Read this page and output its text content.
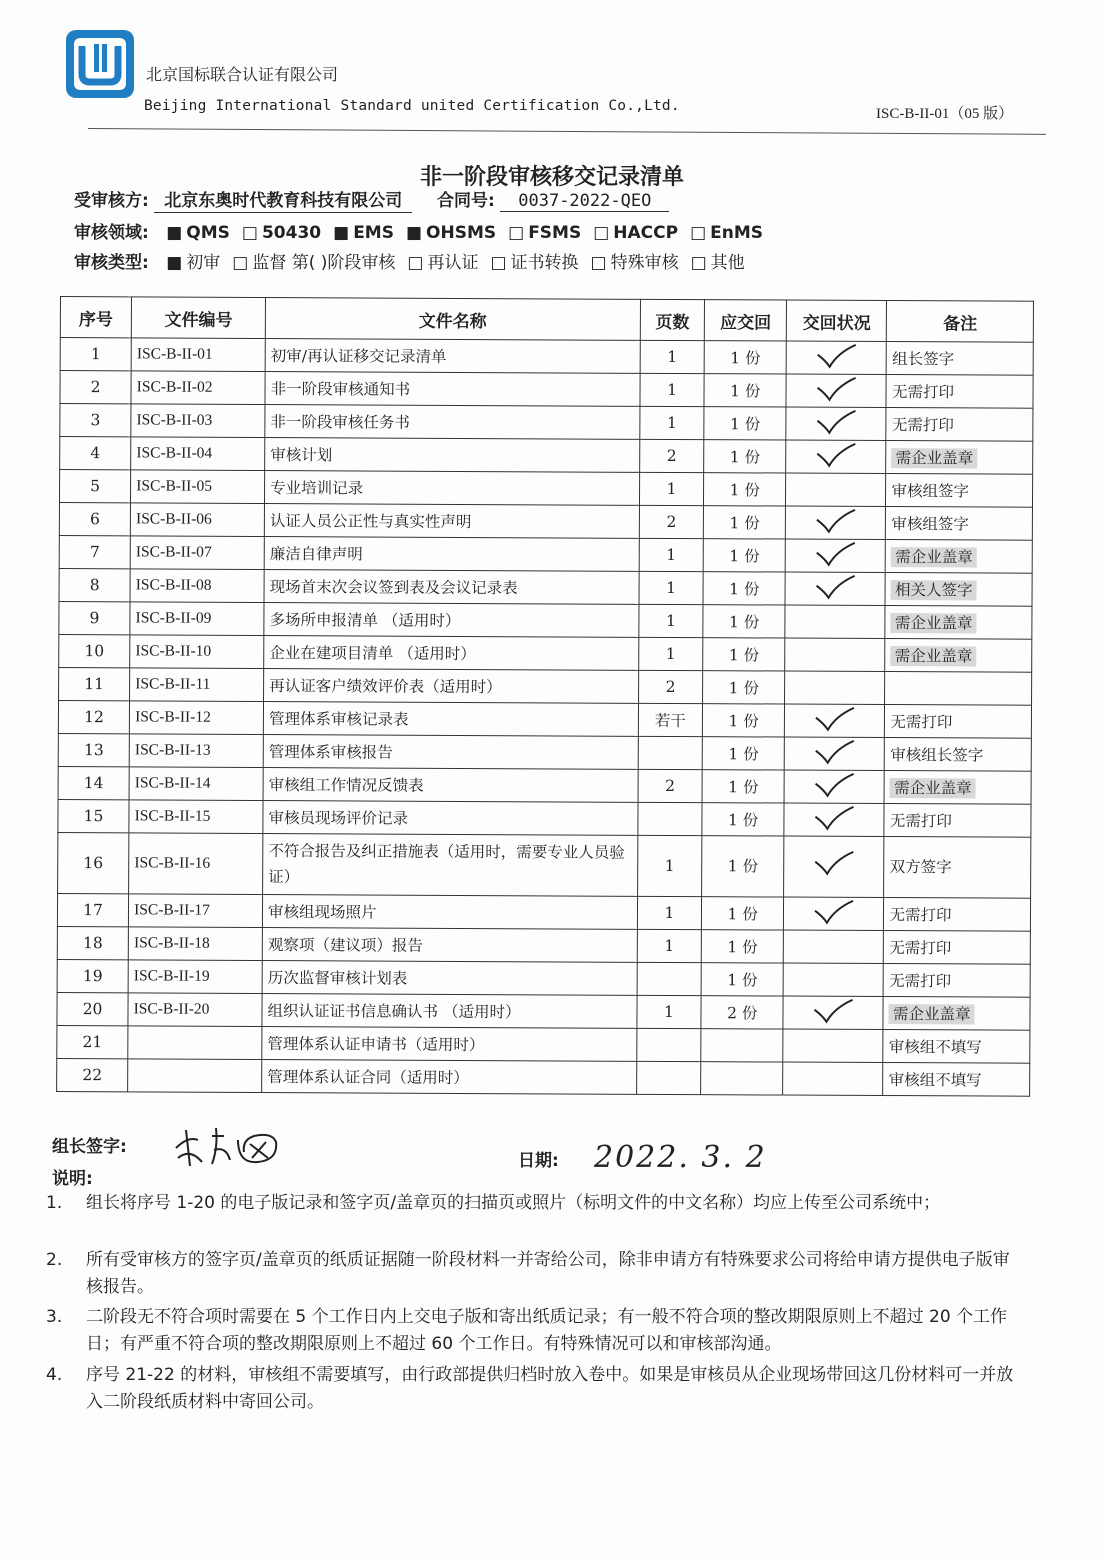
北京国标联合认证有限公司
Beijing International Standard united Certification Co.,Ltd.	ISC-B-II-01（05 版）
非一阶段审核移交记录清单
受审核方: 北京东奥时代教育科技有限公司 合同号: 0037-2022-QEO
审核领域: ■ QMS □ 50430 ■ EMS ■ OHSMS □ FSMS □ HACCP □ EnMS
审核类型: ■ 初审 □ 监督 第( )阶段审核 □ 再认证 □ 证书转换 □ 特殊审核 □ 其他
序号	文件编号	文件名称	页数	应交回	交回状况	备注
1	ISC-B-II-01	初审/再认证移交记录清单	1	1 份		组长签字
2	ISC-B-II-02	非一阶段审核通知书	1	1 份		无需打印
3	ISC-B-II-03	非一阶段审核任务书	1	1 份		无需打印
4	ISC-B-II-04	审核计划	2	1 份		需企业盖章
5	ISC-B-II-05	专业培训记录	1	1 份		审核组签字
6	ISC-B-II-06	认证人员公正性与真实性声明	2	1 份		审核组签字
7	ISC-B-II-07	廉洁自律声明	1	1 份		需企业盖章
8	ISC-B-II-08	现场首末次会议签到表及会议记录表	1	1 份		相关人签字
9	ISC-B-II-09	多场所申报清单 （适用时）	1	1 份		需企业盖章
10	ISC-B-II-10	企业在建项目清单 （适用时）	1	1 份		需企业盖章
11	ISC-B-II-11	再认证客户绩效评价表（适用时）	2	1 份		
12	ISC-B-II-12	管理体系审核记录表	若干	1 份		无需打印
13	ISC-B-II-13	管理体系审核报告		1 份		审核组长签字
14	ISC-B-II-14	审核组工作情况反馈表	2	1 份		需企业盖章
15	ISC-B-II-15	审核员现场评价记录		1 份		无需打印
16	ISC-B-II-16	不符合报告及纠正措施表（适用时，需要专业人员验证）	1	1 份		双方签字
17	ISC-B-II-17	审核组现场照片	1	1 份		无需打印
18	ISC-B-II-18	观察项（建议项）报告	1	1 份		无需打印
19	ISC-B-II-19	历次监督审核计划表		1 份		无需打印
20	ISC-B-II-20	组织认证证书信息确认书 （适用时）	1	2 份		需企业盖章
21		管理体系认证申请书（适用时）				审核组不填写
22		管理体系认证合同（适用时）				审核组不填写
组长签字:
日期: 2022. 3. 2
说明:
1. 组长将序号 1-20 的电子版记录和签字页/盖章页的扫描页或照片（标明文件的中文名称）均应上传至公司系统中；
2. 所有受审核方的签字页/盖章页的纸质证据随一阶段材料一并寄给公司，除非申请方有特殊要求公司将给申请方提供电子版审核报告。
3. 二阶段无不符合项时需要在 5 个工作日内上交电子版和寄出纸质记录；有一般不符合项的整改期限原则上不超过 20 个工作日；有严重不符合项的整改期限原则上不超过 60 个工作日。有特殊情况可以和审核部沟通。
4. 序号 21-22 的材料，审核组不需要填写，由行政部提供归档时放入卷中。如果是审核员从企业现场带回这几份材料可一并放入二阶段纸质材料中寄回公司。
